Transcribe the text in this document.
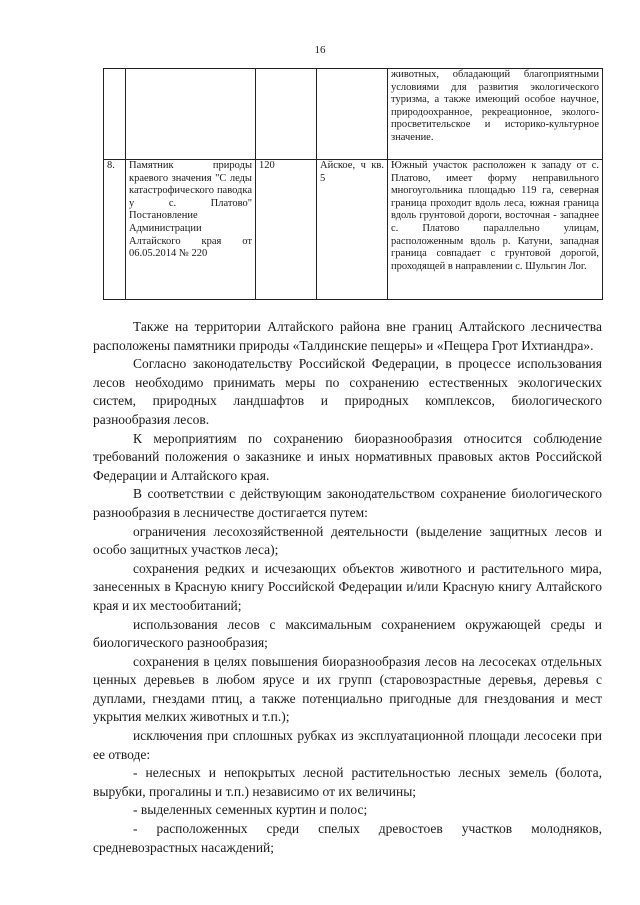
16
				животных, обладающий благоприятными условиями для развития экологического туризма, а также имеющий особое научное, природоохранное, рекреационное, эколого-просветительское и историко-культурное значение.
8.	Памятник природы краевого значения "С леды катастрофического паводка у с. Платово" Постановление Администрации Алтайского края от 06.05.2014 № 220	120	Айское, ч кв. 5	Южный участок расположен к западу от с. Платово, имеет форму неправильного многоугольника площадью 119 га, северная граница проходит вдоль леса, южная граница вдоль грунтовой дороги, восточная - западнее с. Платово параллельно улицам, расположенным вдоль р. Катуни, западная граница совпадает с грунтовой дорогой, проходящей в направлении с. Шульгин Лог.

Также на территории Алтайского района вне границ Алтайского лесничества расположены памятники природы «Талдинские пещеры» и «Пещера Грот Ихтиандра».

Согласно законодательству Российской Федерации, в процессе использования лесов необходимо принимать меры по сохранению естественных экологических систем, природных ландшафтов и природных комплексов, биологического разнообразия лесов.

К мероприятиям по сохранению биоразнообразия относится соблюдение требований положения о заказнике и иных нормативных правовых актов Российской Федерации и Алтайского края.

В соответствии с действующим законодательством сохранение биологического разнообразия в лесничестве достигается путем:

ограничения лесохозяйственной деятельности (выделение защитных лесов и особо защитных участков леса);

сохранения редких и исчезающих объектов животного и растительного мира, занесенных в Красную книгу Российской Федерации и/или Красную книгу Алтайского края и их местообитаний;

использования лесов с максимальным сохранением окружающей среды и биологического разнообразия;

сохранения в целях повышения биоразнообразия лесов на лесосеках отдельных ценных деревьев в любом ярусе и их групп (старовозрастные деревья, деревья с дуплами, гнездами птиц, а также потенциально пригодные для гнездования и мест укрытия мелких животных и т.п.);

исключения при сплошных рубках из эксплуатационной площади лесосеки при ее отводе:

- нелесных и непокрытых лесной растительностью лесных земель (болота, вырубки, прогалины и т.п.) независимо от их величины;

- выделенных семенных куртин и полос;

- расположенных среди спелых древостоев участков молодняков, средневозрастных насаждений;
